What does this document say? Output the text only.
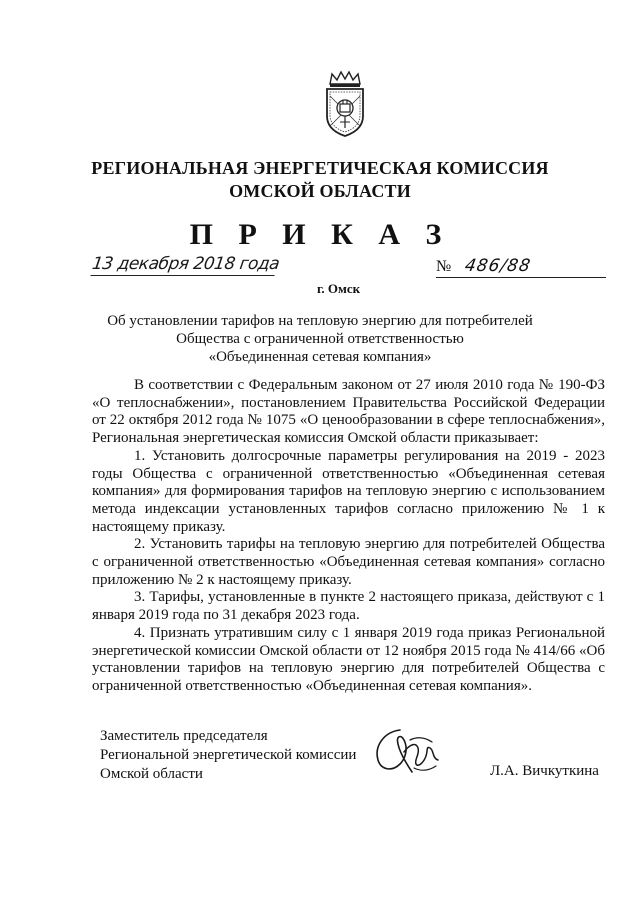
РЕГИОНАЛЬНАЯ ЭНЕРГЕТИЧЕСКАЯ КОМИССИЯ
ОМСКОЙ ОБЛАСТИ
П Р И К А З
13 декабря 2018 года
г. Омск
№ 486/88
Об установлении тарифов на тепловую энергию для потребителей
Общества с ограниченной ответственностью
«Объединенная сетевая компания»

В соответствии с Федеральным законом от 27 июля 2010 года № 190-ФЗ «О теплоснабжении», постановлением Правительства Российской Федерации от 22 октября 2012 года № 1075 «О ценообразовании в сфере теплоснабжения», Региональная энергетическая комиссия Омской области приказывает:

1. Установить долгосрочные параметры регулирования на 2019 - 2023 годы Общества с ограниченной ответственностью «Объединенная сетевая компания» для формирования тарифов на тепловую энергию с использованием метода индексации установленных тарифов согласно приложению № 1 к настоящему приказу.

2. Установить тарифы на тепловую энергию для потребителей Общества с ограниченной ответственностью «Объединенная сетевая компания» согласно приложению № 2 к настоящему приказу.

3. Тарифы, установленные в пункте 2 настоящего приказа, действуют с 1 января 2019 года по 31 декабря 2023 года.

4. Признать утратившим силу с 1 января 2019 года приказ Региональной энергетической комиссии Омской области от 12 ноября 2015 года № 414/66 «Об установлении тарифов на тепловую энергию для потребителей Общества с ограниченной ответственностью «Объединенная сетевая компания».

Заместитель председателя
Региональной энергетической комиссии
Омской области	Л.А. Вичкуткина
